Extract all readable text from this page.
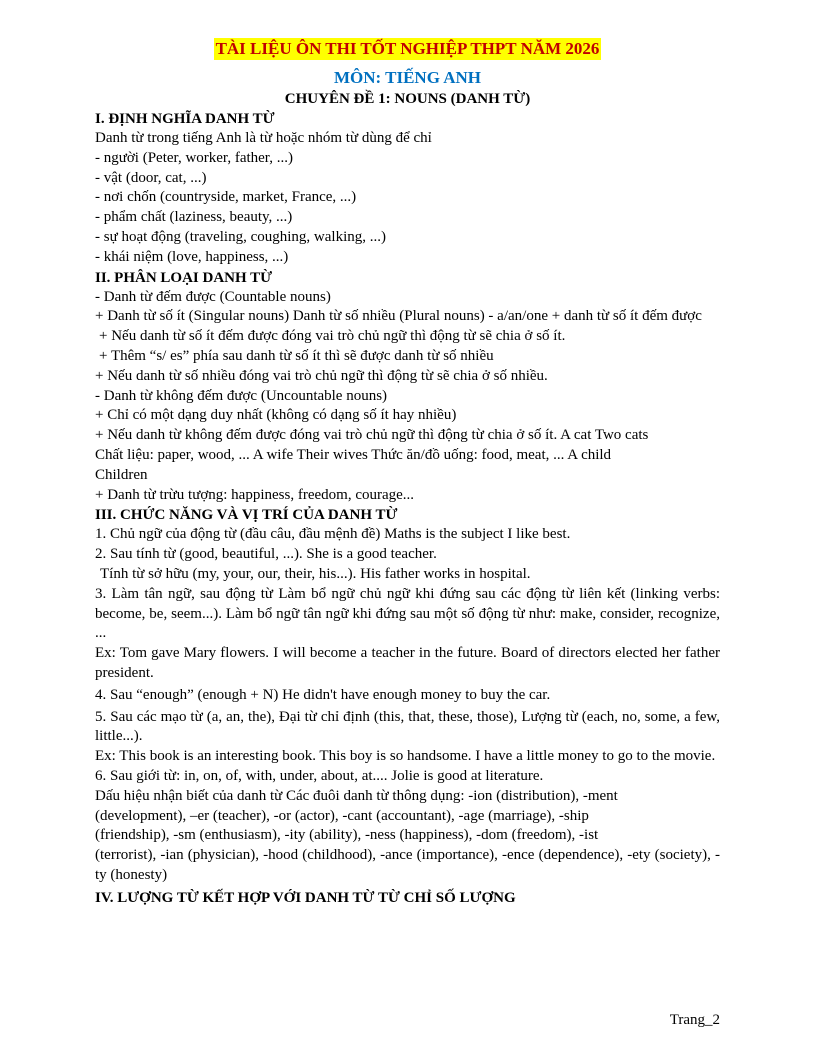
TÀI LIỆU ÔN THI TỐT NGHIỆP THPT NĂM 2026
MÔN: TIẾNG ANH
CHUYÊN ĐỀ 1: NOUNS (DANH TỪ)
I. ĐỊNH NGHĨA DANH TỪ
Danh từ trong tiếng Anh là từ hoặc nhóm từ dùng để chỉ
- người (Peter, worker, father, ...)
- vật (door, cat, ...)
- nơi chốn (countryside, market, France, ...)
- phẩm chất (laziness, beauty, ...)
- sự hoạt động (traveling, coughing, walking, ...)
- khái niệm (love, happiness, ...)
II. PHÂN LOẠI DANH TỪ
- Danh từ đếm được (Countable nouns)
+ Danh từ số ít (Singular nouns) Danh từ số nhiều (Plural nouns) - a/an/one + danh từ số ít đếm được
+ Nếu danh từ số ít đếm được đóng vai trò chủ ngữ thì động từ sẽ chia ở số ít.
+ Thêm “s/ es” phía sau danh từ số ít thì sẽ được danh từ số nhiều
+ Nếu danh từ số nhiều đóng vai trò chủ ngữ thì động từ sẽ chia ở số nhiều.
- Danh từ không đếm được (Uncountable nouns)
+ Chỉ có một dạng duy nhất (không có dạng số ít hay nhiều)
+ Nếu danh từ không đếm được đóng vai trò chủ ngữ thì động từ chia ở số ít. A cat Two cats
Chất liệu: paper, wood, ... A wife Their wives Thức ăn/đồ uống: food, meat, ... A child
Children
+ Danh từ trừu tượng: happiness, freedom, courage...
III. CHỨC NĂNG VÀ VỊ TRÍ CỦA DANH TỪ
1. Chủ ngữ của động từ (đầu câu, đầu mệnh đề) Maths is the subject I like best.
2. Sau tính từ (good, beautiful, ...). She is a good teacher.
Tính từ sở hữu (my, your, our, their, his...). His father works in hospital.
3. Làm tân ngữ, sau động từ Làm bổ ngữ chủ ngữ khi đứng sau các động từ liên kết (linking verbs: become, be, seem...). Làm bổ ngữ tân ngữ khi đứng sau một số động từ như: make, consider, recognize, ...
Ex: Tom gave Mary flowers. I will become a teacher in the future. Board of directors elected her father president.
4. Sau “enough” (enough + N) He didn't have enough money to buy the car.
5. Sau các mạo từ (a, an, the), Đại từ chỉ định (this, that, these, those), Lượng từ (each, no, some, a few, little...).
Ex: This book is an interesting book. This boy is so handsome. I have a little money to go to the movie.
6. Sau giới từ: in, on, of, with, under, about, at.... Jolie is good at literature.
Dấu hiệu nhận biết của danh từ Các đuôi danh từ thông dụng: -ion (distribution), -ment
(development), –er (teacher), -or (actor), -cant (accountant), -age (marriage), -ship
(friendship), -sm (enthusiasm), -ity (ability), -ness (happiness), -dom (freedom), -ist
(terrorist), -ian (physician), -hood (childhood), -ance (importance), -ence (dependence), -ety (society), -ty (honesty)
IV. LƯỢNG TỪ KẾT HỢP VỚI DANH TỪ TỪ CHỈ SỐ LƯỢNG
Trang_2
